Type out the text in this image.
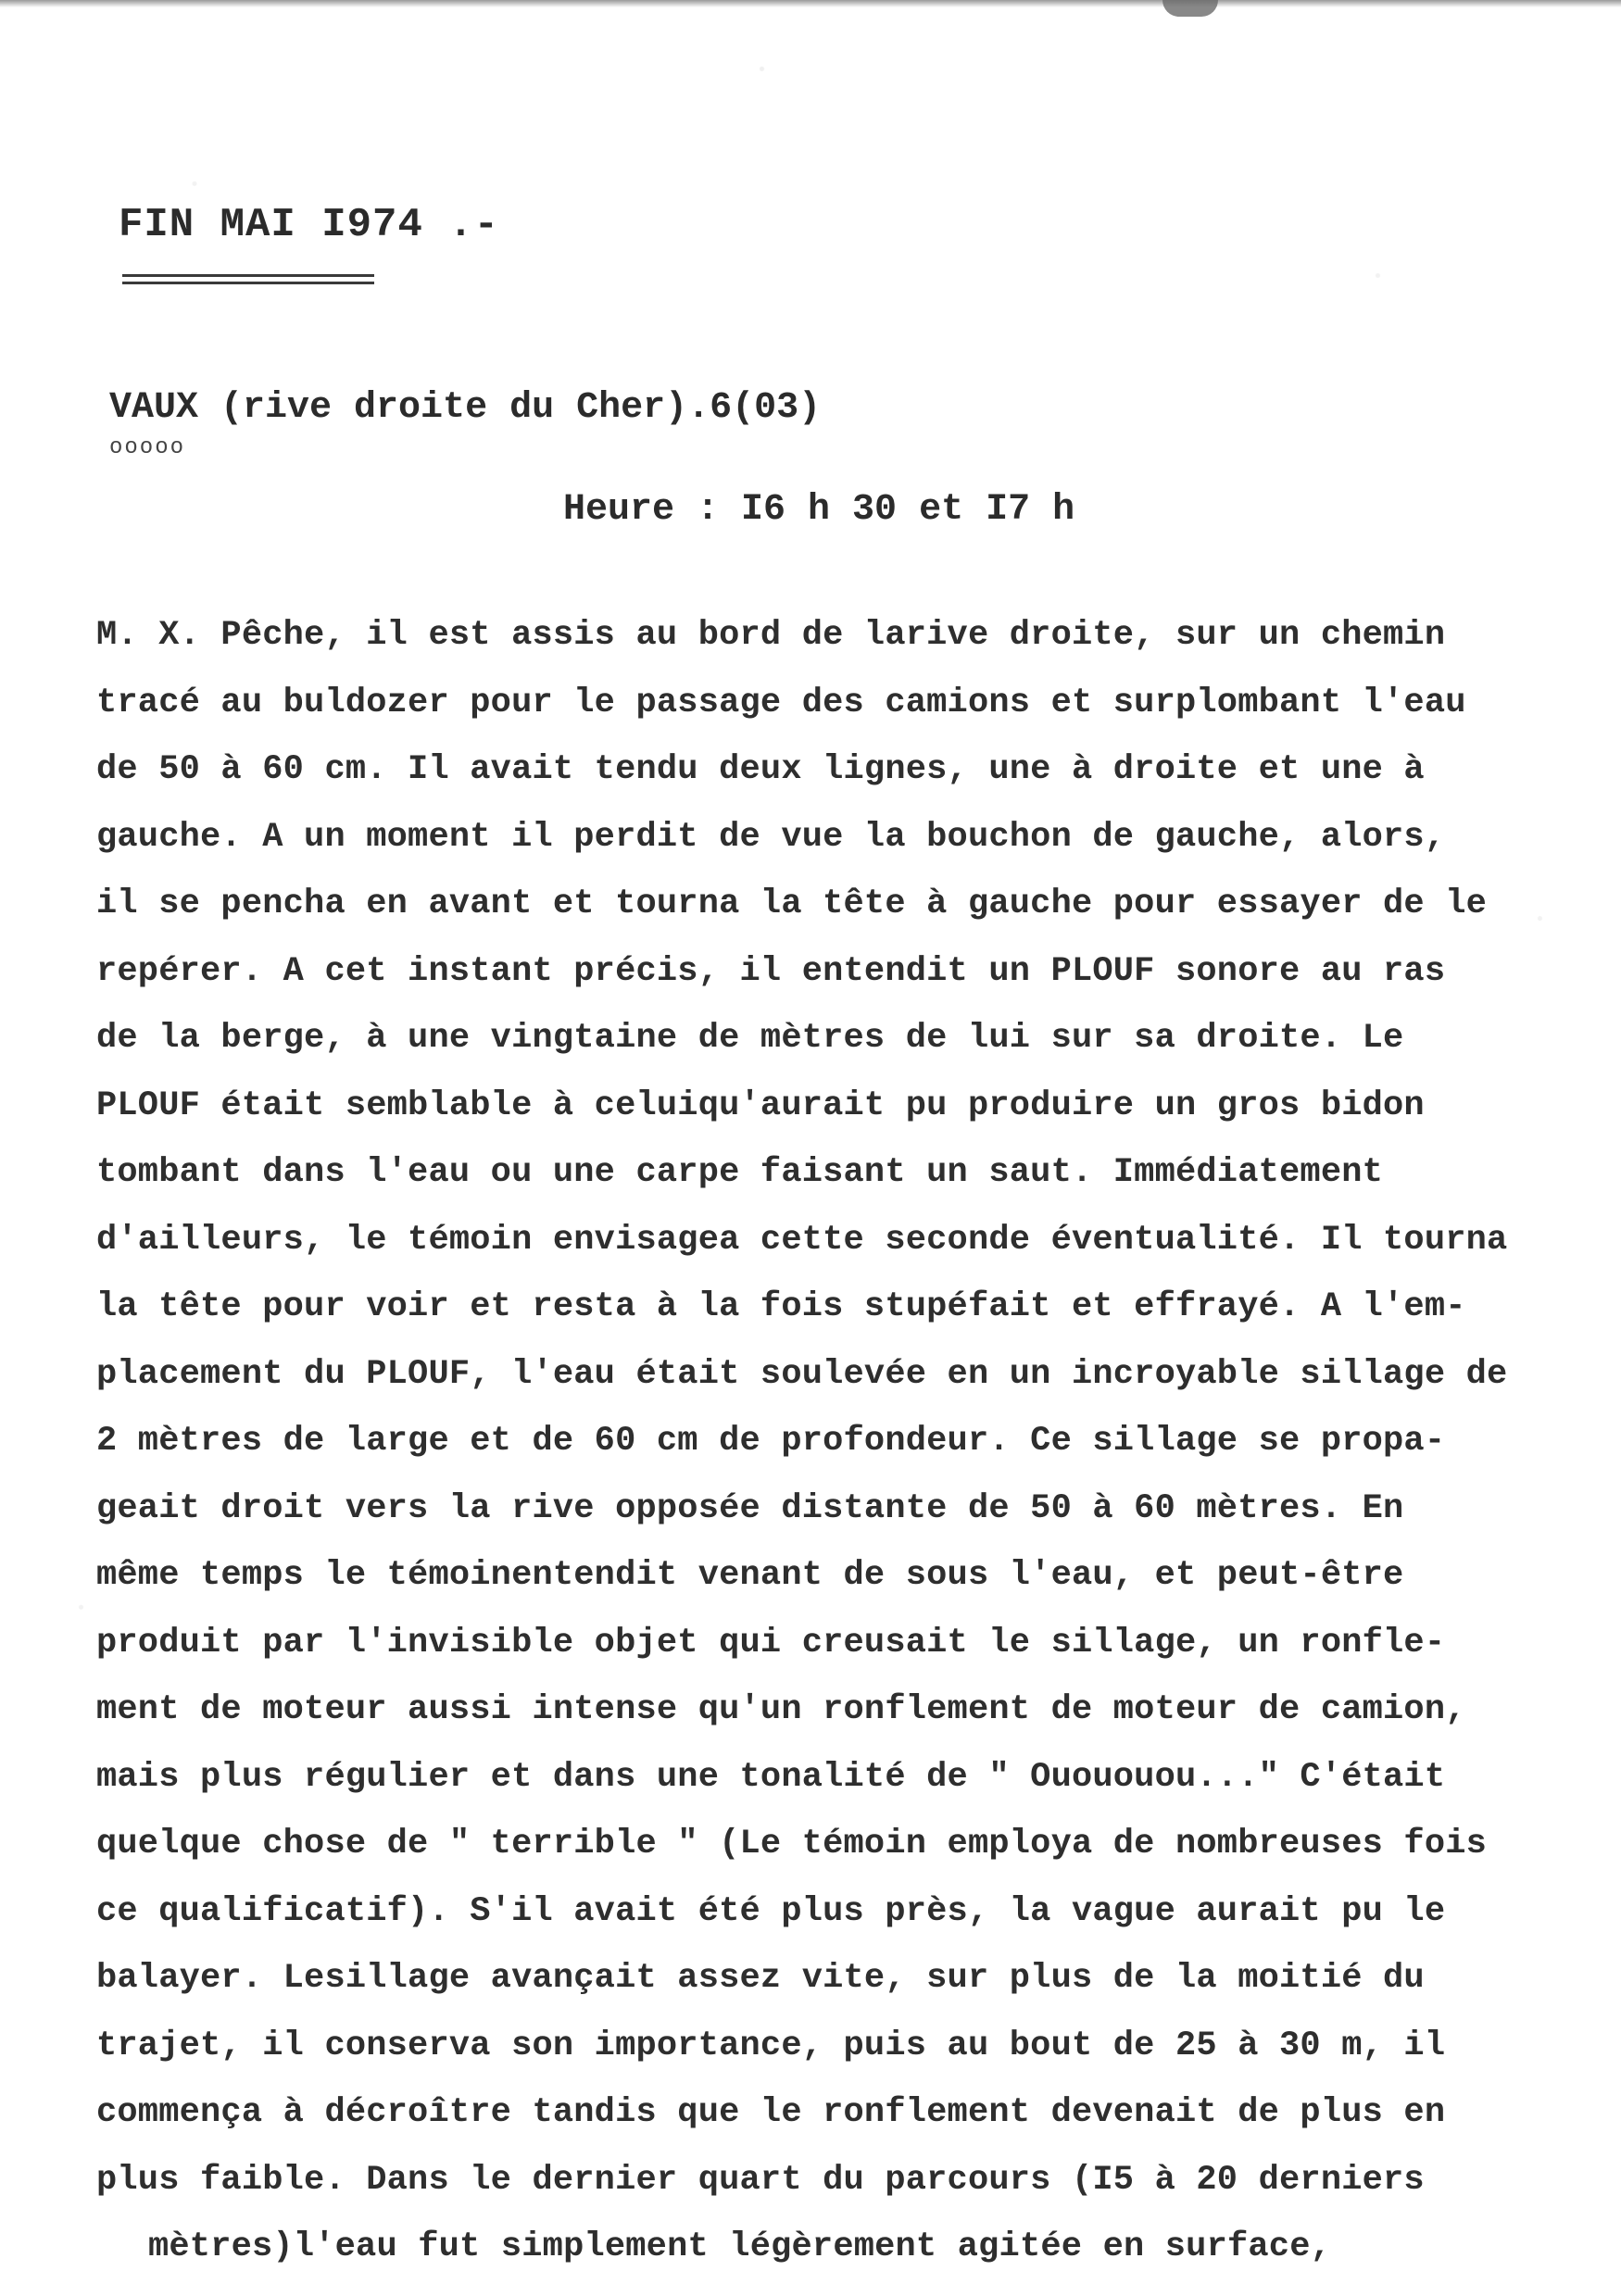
FIN MAI I974 .-
VAUX (rive droite du Cher).6(03)
ooooo
Heure : I6 h 30 et I7 h
M. X. Pêche, il est assis au bord de larive droite, sur un chemin
tracé au buldozer pour le passage des camions et surplombant l'eau
de 50 à 60 cm. Il avait tendu deux lignes, une à droite et une à
gauche. A un moment il perdit de vue la bouchon de gauche, alors,
il se pencha en avant et tourna la tête à gauche pour essayer de le
repérer. A cet instant précis, il entendit un PLOUF sonore au ras
de la berge, à une vingtaine de mètres de lui sur sa droite. Le
PLOUF était semblable à celuiqu'aurait pu produire un gros bidon
tombant dans l'eau ou une carpe faisant un saut. Immédiatement
d'ailleurs, le témoin envisagea cette seconde éventualité. Il tourna
la tête pour voir et resta à la fois stupéfait et effrayé. A l'em-
placement du PLOUF, l'eau était soulevée en un incroyable sillage de
2 mètres de large et de 60 cm de profondeur. Ce sillage se propa-
geait droit vers la rive opposée distante de 50 à 60 mètres. En
même temps le témoinentendit venant de sous l'eau, et peut-être
produit par l'invisible objet qui creusait le sillage, un ronfle-
ment de moteur aussi intense qu'un ronflement de moteur de camion,
mais plus régulier et dans une tonalité de " Ouououou..." C'était
quelque chose de " terrible " (Le témoin employa de nombreuses fois
ce qualificatif). S'il avait été plus près, la vague aurait pu le
balayer. Lesillage avançait assez vite, sur plus de la moitié du
trajet, il conserva son importance, puis au bout de 25 à 30 m, il
commença à décroître tandis que le ronflement devenait de plus en
plus faible. Dans le dernier quart du parcours (I5 à 20 derniers
mètres)l'eau fut simplement légèrement agitée en surface,
